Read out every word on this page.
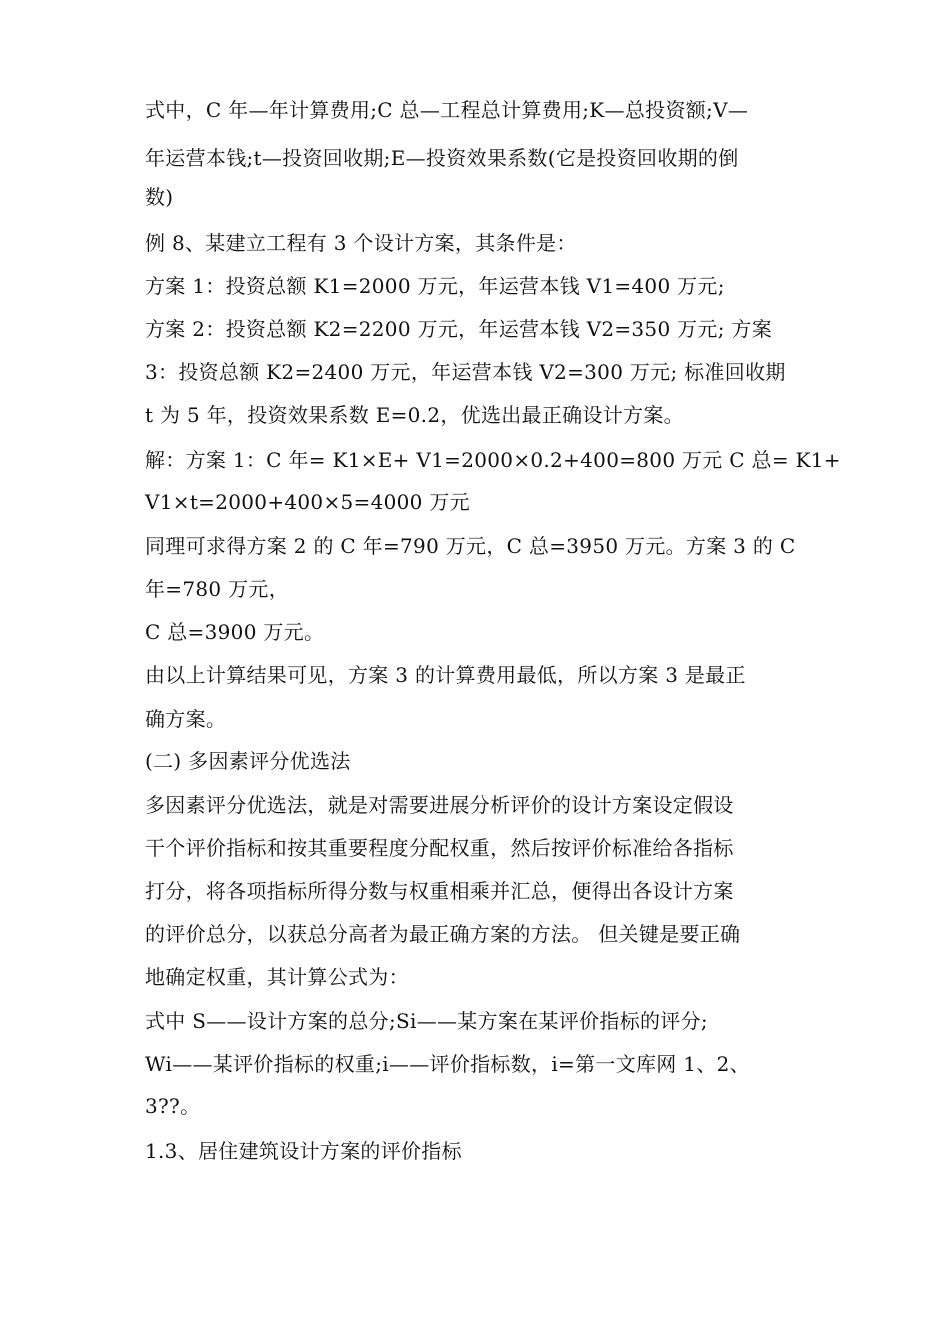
式中，C 年—年计算费用;C 总—工程总计算费用;K—总投资额;V—
年运营本钱;t—投资回收期;E—投资效果系数(它是投资回收期的倒
数)
例 8、某建立工程有 3 个设计方案，其条件是：
方案 1：投资总额 K1=2000 万元，年运营本钱 V1=400 万元;
方案 2：投资总额 K2=2200 万元，年运营本钱 V2=350 万元; 方案
3：投资总额 K2=2400 万元，年运营本钱 V2=300 万元; 标准回收期
t 为 5 年，投资效果系数 E=0.2，优选出最正确设计方案。
解：方案 1：C 年= K1×E+ V1=2000×0.2+400=800 万元 C 总= K1+
V1×t=2000+400×5=4000 万元
同理可求得方案 2 的 C 年=790 万元，C 总=3950 万元。方案 3 的 C
年=780 万元，
C 总=3900 万元。
由以上计算结果可见，方案 3 的计算费用最低，所以方案 3 是最正
确方案。
(二) 多因素评分优选法
多因素评分优选法，就是对需要进展分析评价的设计方案设定假设
干个评价指标和按其重要程度分配权重，然后按评价标准给各指标
打分，将各项指标所得分数与权重相乘并汇总，便得出各设计方案
的评价总分，以获总分高者为最正确方案的方法。 但关键是要正确
地确定权重，其计算公式为：
式中 S——设计方案的总分;Si——某方案在某评价指标的评分;
Wi——某评价指标的权重;i——评价指标数，i=第一文库网 1、2、
3??。
1.3、居住建筑设计方案的评价指标
